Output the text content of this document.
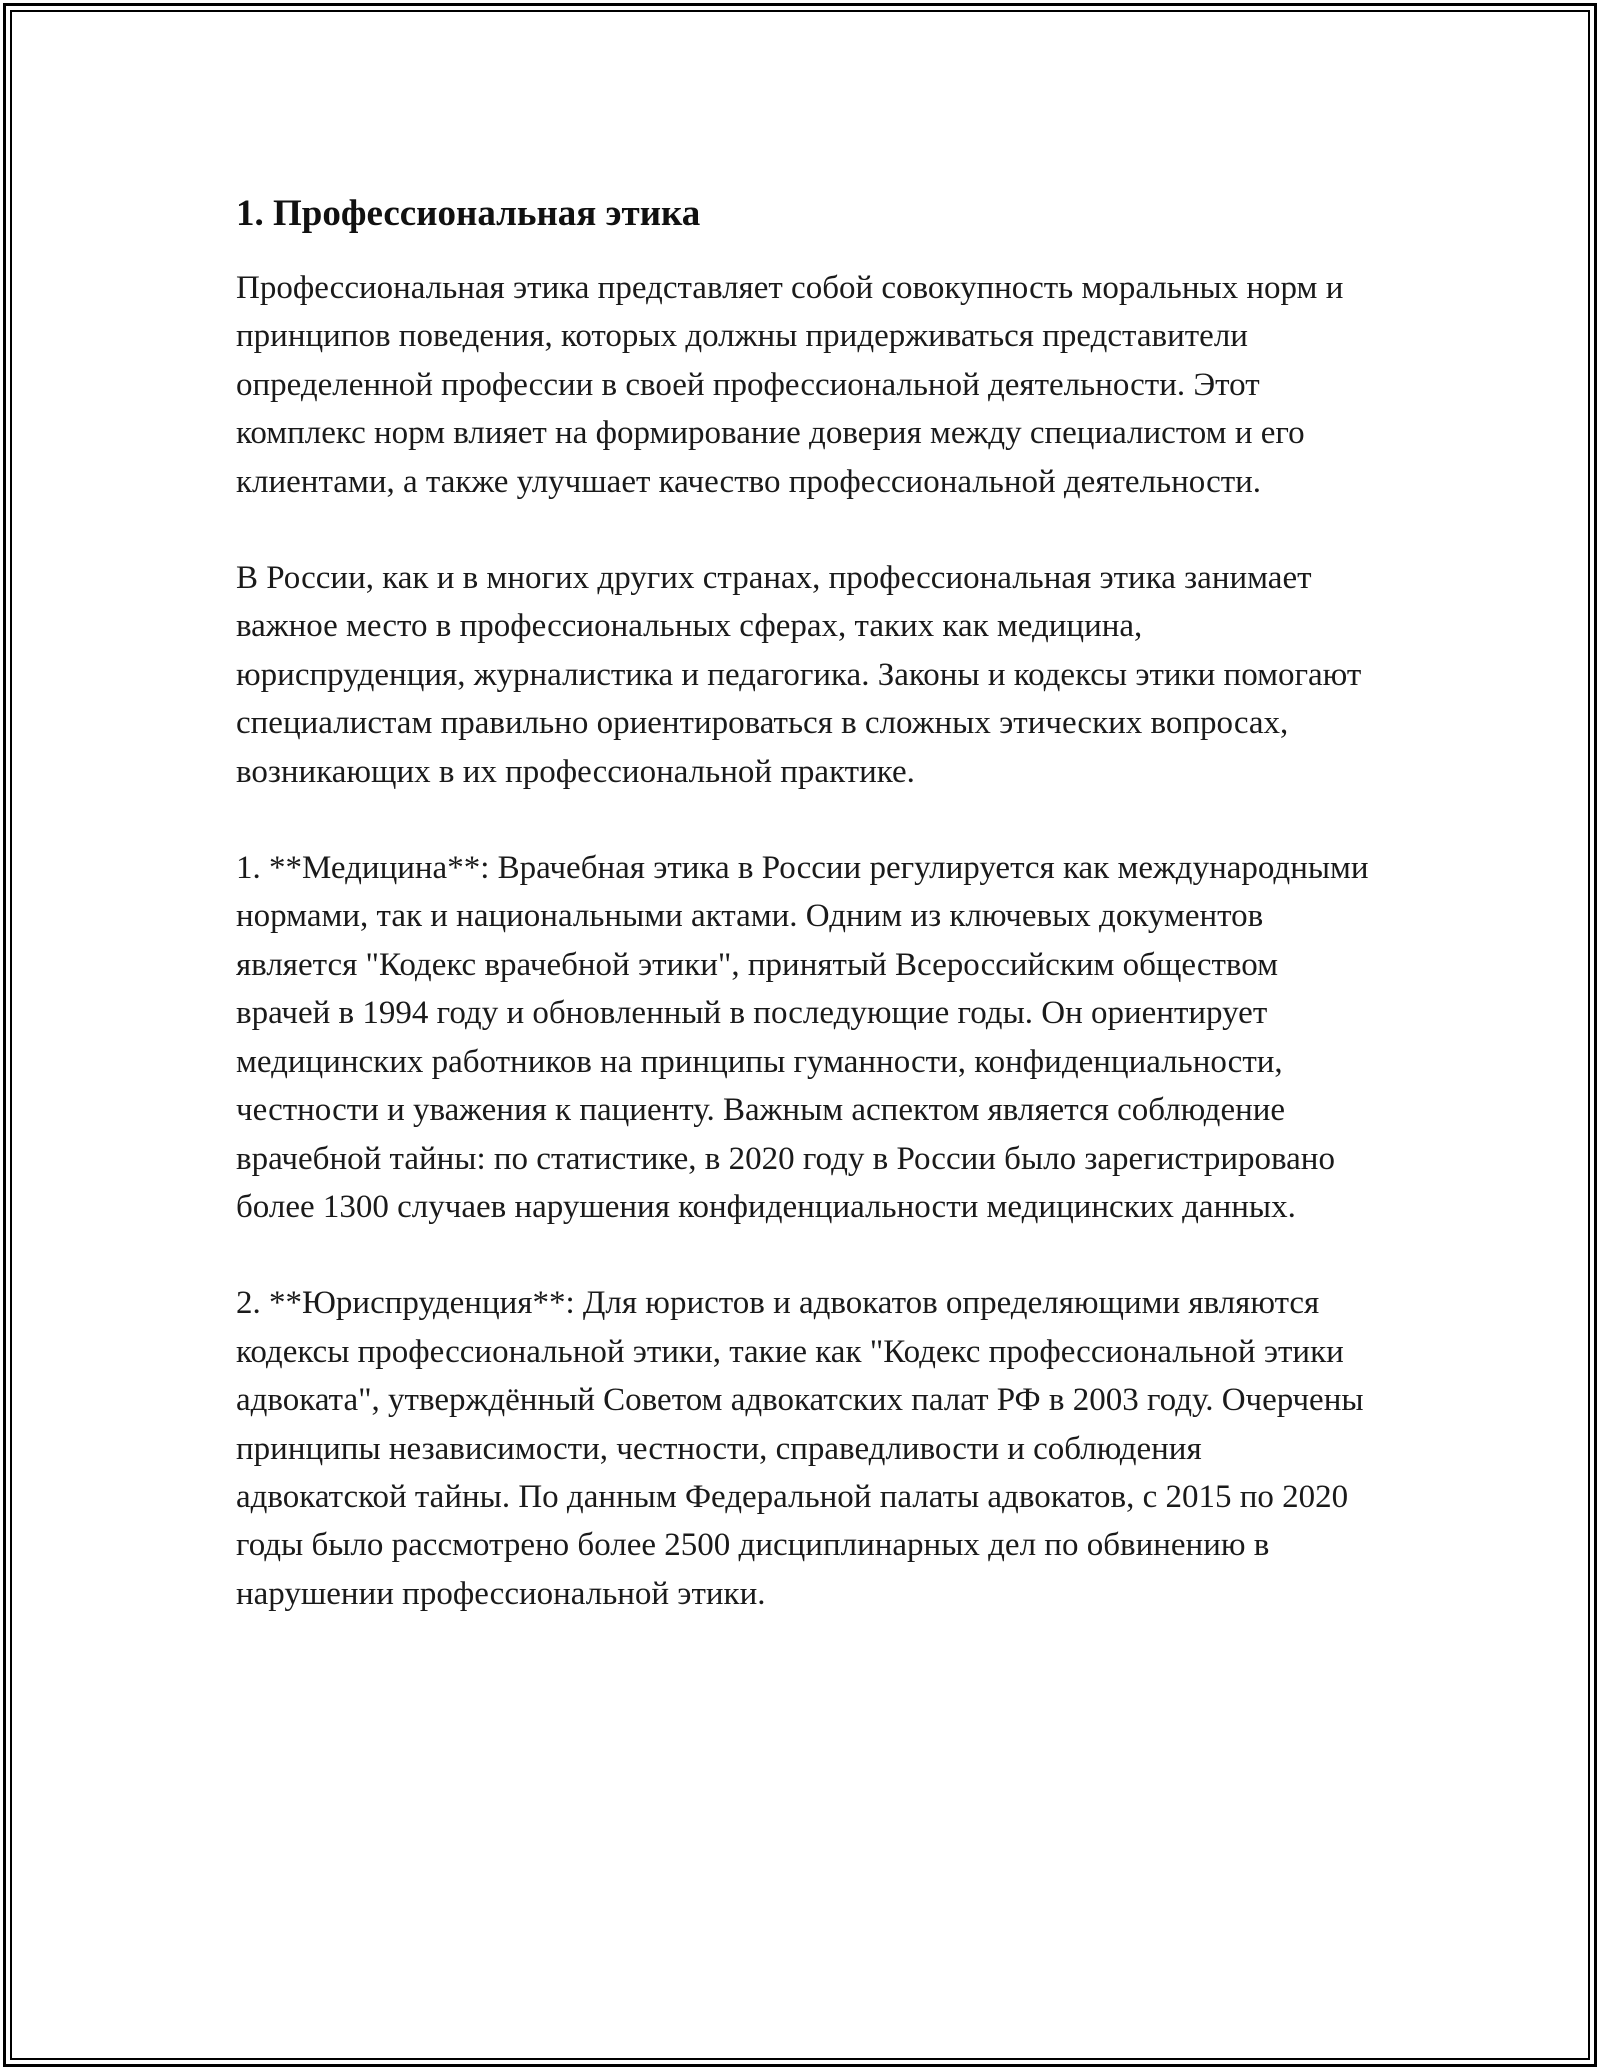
1. Профессиональная этика

Профессиональная этика представляет собой совокупность моральных норм и принципов поведения, которых должны придерживаться представители определенной профессии в своей профессиональной деятельности. Этот комплекс норм влияет на формирование доверия между специалистом и его клиентами, а также улучшает качество профессиональной деятельности.

В России, как и в многих других странах, профессиональная этика занимает важное место в профессиональных сферах, таких как медицина, юриспруденция, журналистика и педагогика. Законы и кодексы этики помогают специалистам правильно ориентироваться в сложных этических вопросах, возникающих в их профессиональной практике.

1. **Медицина**: Врачебная этика в России регулируется как международными нормами, так и национальными актами. Одним из ключевых документов является "Кодекс врачебной этики", принятый Всероссийским обществом врачей в 1994 году и обновленный в последующие годы. Он ориентирует медицинских работников на принципы гуманности, конфиденциальности, честности и уважения к пациенту. Важным аспектом является соблюдение врачебной тайны: по статистике, в 2020 году в России было зарегистрировано более 1300 случаев нарушения конфиденциальности медицинских данных.

2. **Юриспруденция**: Для юристов и адвокатов определяющими являются кодексы профессиональной этики, такие как "Кодекс профессиональной этики адвоката", утверждённый Советом адвокатских палат РФ в 2003 году. Очерчены принципы независимости, честности, справедливости и соблюдения адвокатской тайны. По данным Федеральной палаты адвокатов, с 2015 по 2020 годы было рассмотрено более 2500 дисциплинарных дел по обвинению в нарушении профессиональной этики.
